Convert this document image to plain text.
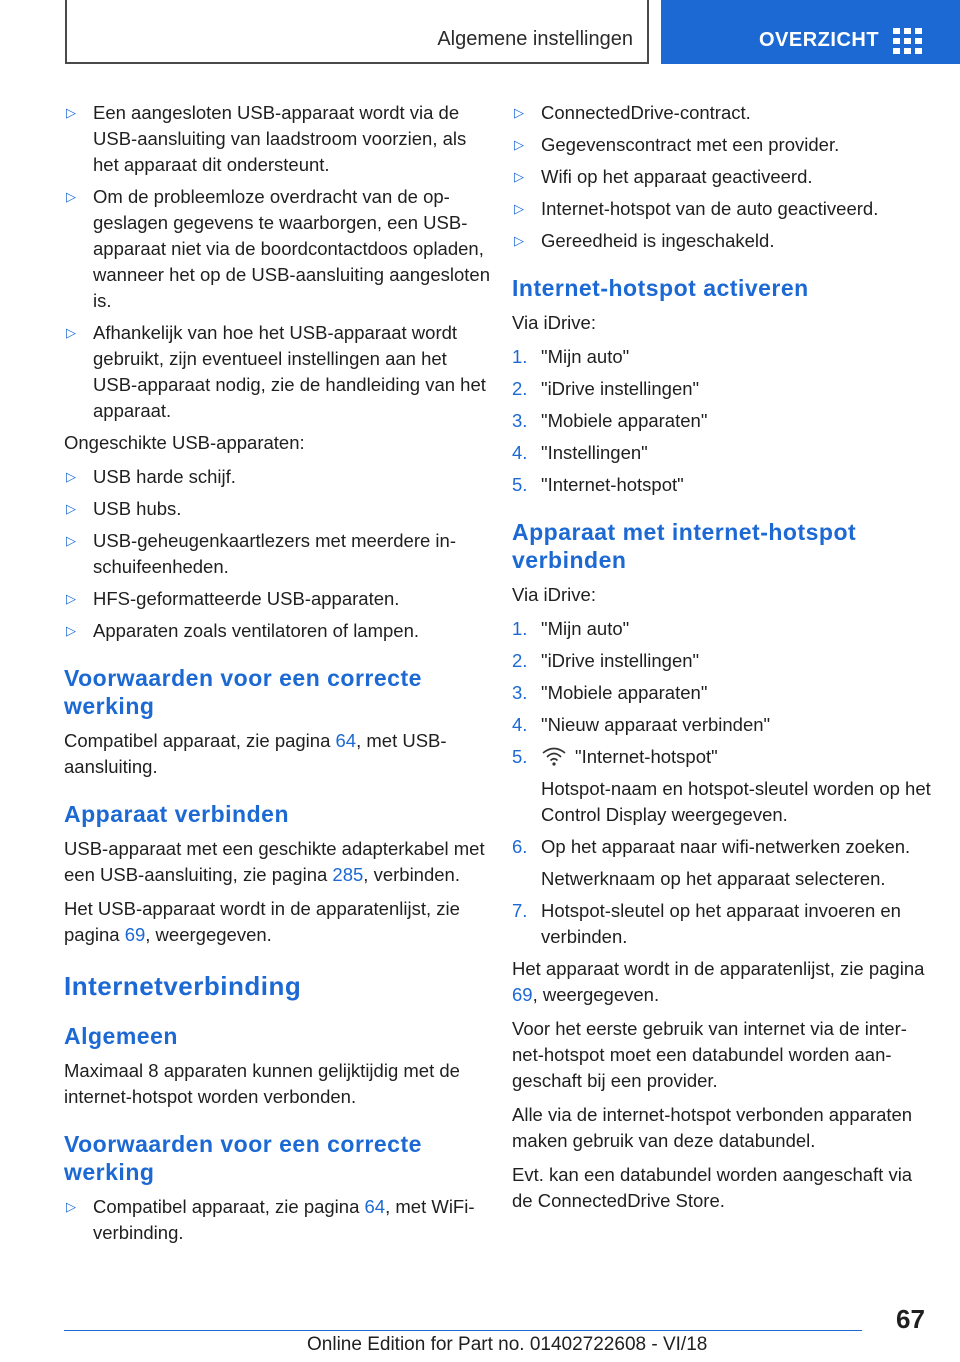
Algemene instellingen	OVERZICHT
▷ Een aangesloten USB-apparaat wordt via de USB-aansluiting van laadstroom voorzien, als het apparaat dit ondersteunt.
▷ Om de probleemloze overdracht van de opgeslagen gegevens te waarborgen, een USB-apparaat niet via de boordcontactdoos opladen, wanneer het op de USB-aansluiting aangesloten is.
▷ Afhankelijk van hoe het USB-apparaat wordt gebruikt, zijn eventueel instellingen aan het USB-apparaat nodig, zie de handleiding van het apparaat.

Ongeschikte USB-apparaten:

▷ USB harde schijf.
▷ USB hubs.
▷ USB-geheugenkaartlezers met meerdere inschuifeenheden.
▷ HFS-geformatteerde USB-apparaten.
▷ Apparaten zoals ventilatoren of lampen.
Voorwaarden voor een correcte werking

Compatibel apparaat, zie pagina 64, met USB-aansluiting.

Apparaat verbinden

USB-apparaat met een geschikte adapterkabel met een USB-aansluiting, zie pagina 285, verbinden.

Het USB-apparaat wordt in de apparatenlijst, zie pagina 69, weergegeven.

Internetverbinding
Algemeen

Maximaal 8 apparaten kunnen gelijktijdig met de internet-hotspot worden verbonden.

Voorwaarden voor een correcte werking
▷ Compatibel apparaat, zie pagina 64, met WiFi-verbinding.
▷ ConnectedDrive-contract.
▷ Gegevenscontract met een provider.
▷ Wifi op het apparaat geactiveerd.
▷ Internet-hotspot van de auto geactiveerd.
▷ Gereedheid is ingeschakeld.
Internet-hotspot activeren

Via iDrive:

1. "Mijn auto"
2. "iDrive instellingen"
3. "Mobiele apparaten"
4. "Instellingen"
5. "Internet-hotspot"
Apparaat met internet-hotspot verbinden

Via iDrive:

1. "Mijn auto"
2. "iDrive instellingen"
3. "Mobiele apparaten"
4. "Nieuw apparaat verbinden"
5.	"Internet-hotspot"
Hotspot-naam en hotspot-sleutel worden op het Control Display weergegeven.
6. Op het apparaat naar wifi-netwerken zoeken.
Netwerknaam op het apparaat selecteren.
7. Hotspot-sleutel op het apparaat invoeren en verbinden.

Het apparaat wordt in de apparatenlijst, zie pagina 69, weergegeven.

Voor het eerste gebruik van internet via de internet-hotspot moet een databundel worden aangeschaft bij een provider.

Alle via de internet-hotspot verbonden apparaten maken gebruik van deze databundel.

Evt. kan een databundel worden aangeschaft via de ConnectedDrive Store.

67
Online Edition for Part no. 01402722608 - VI/18
